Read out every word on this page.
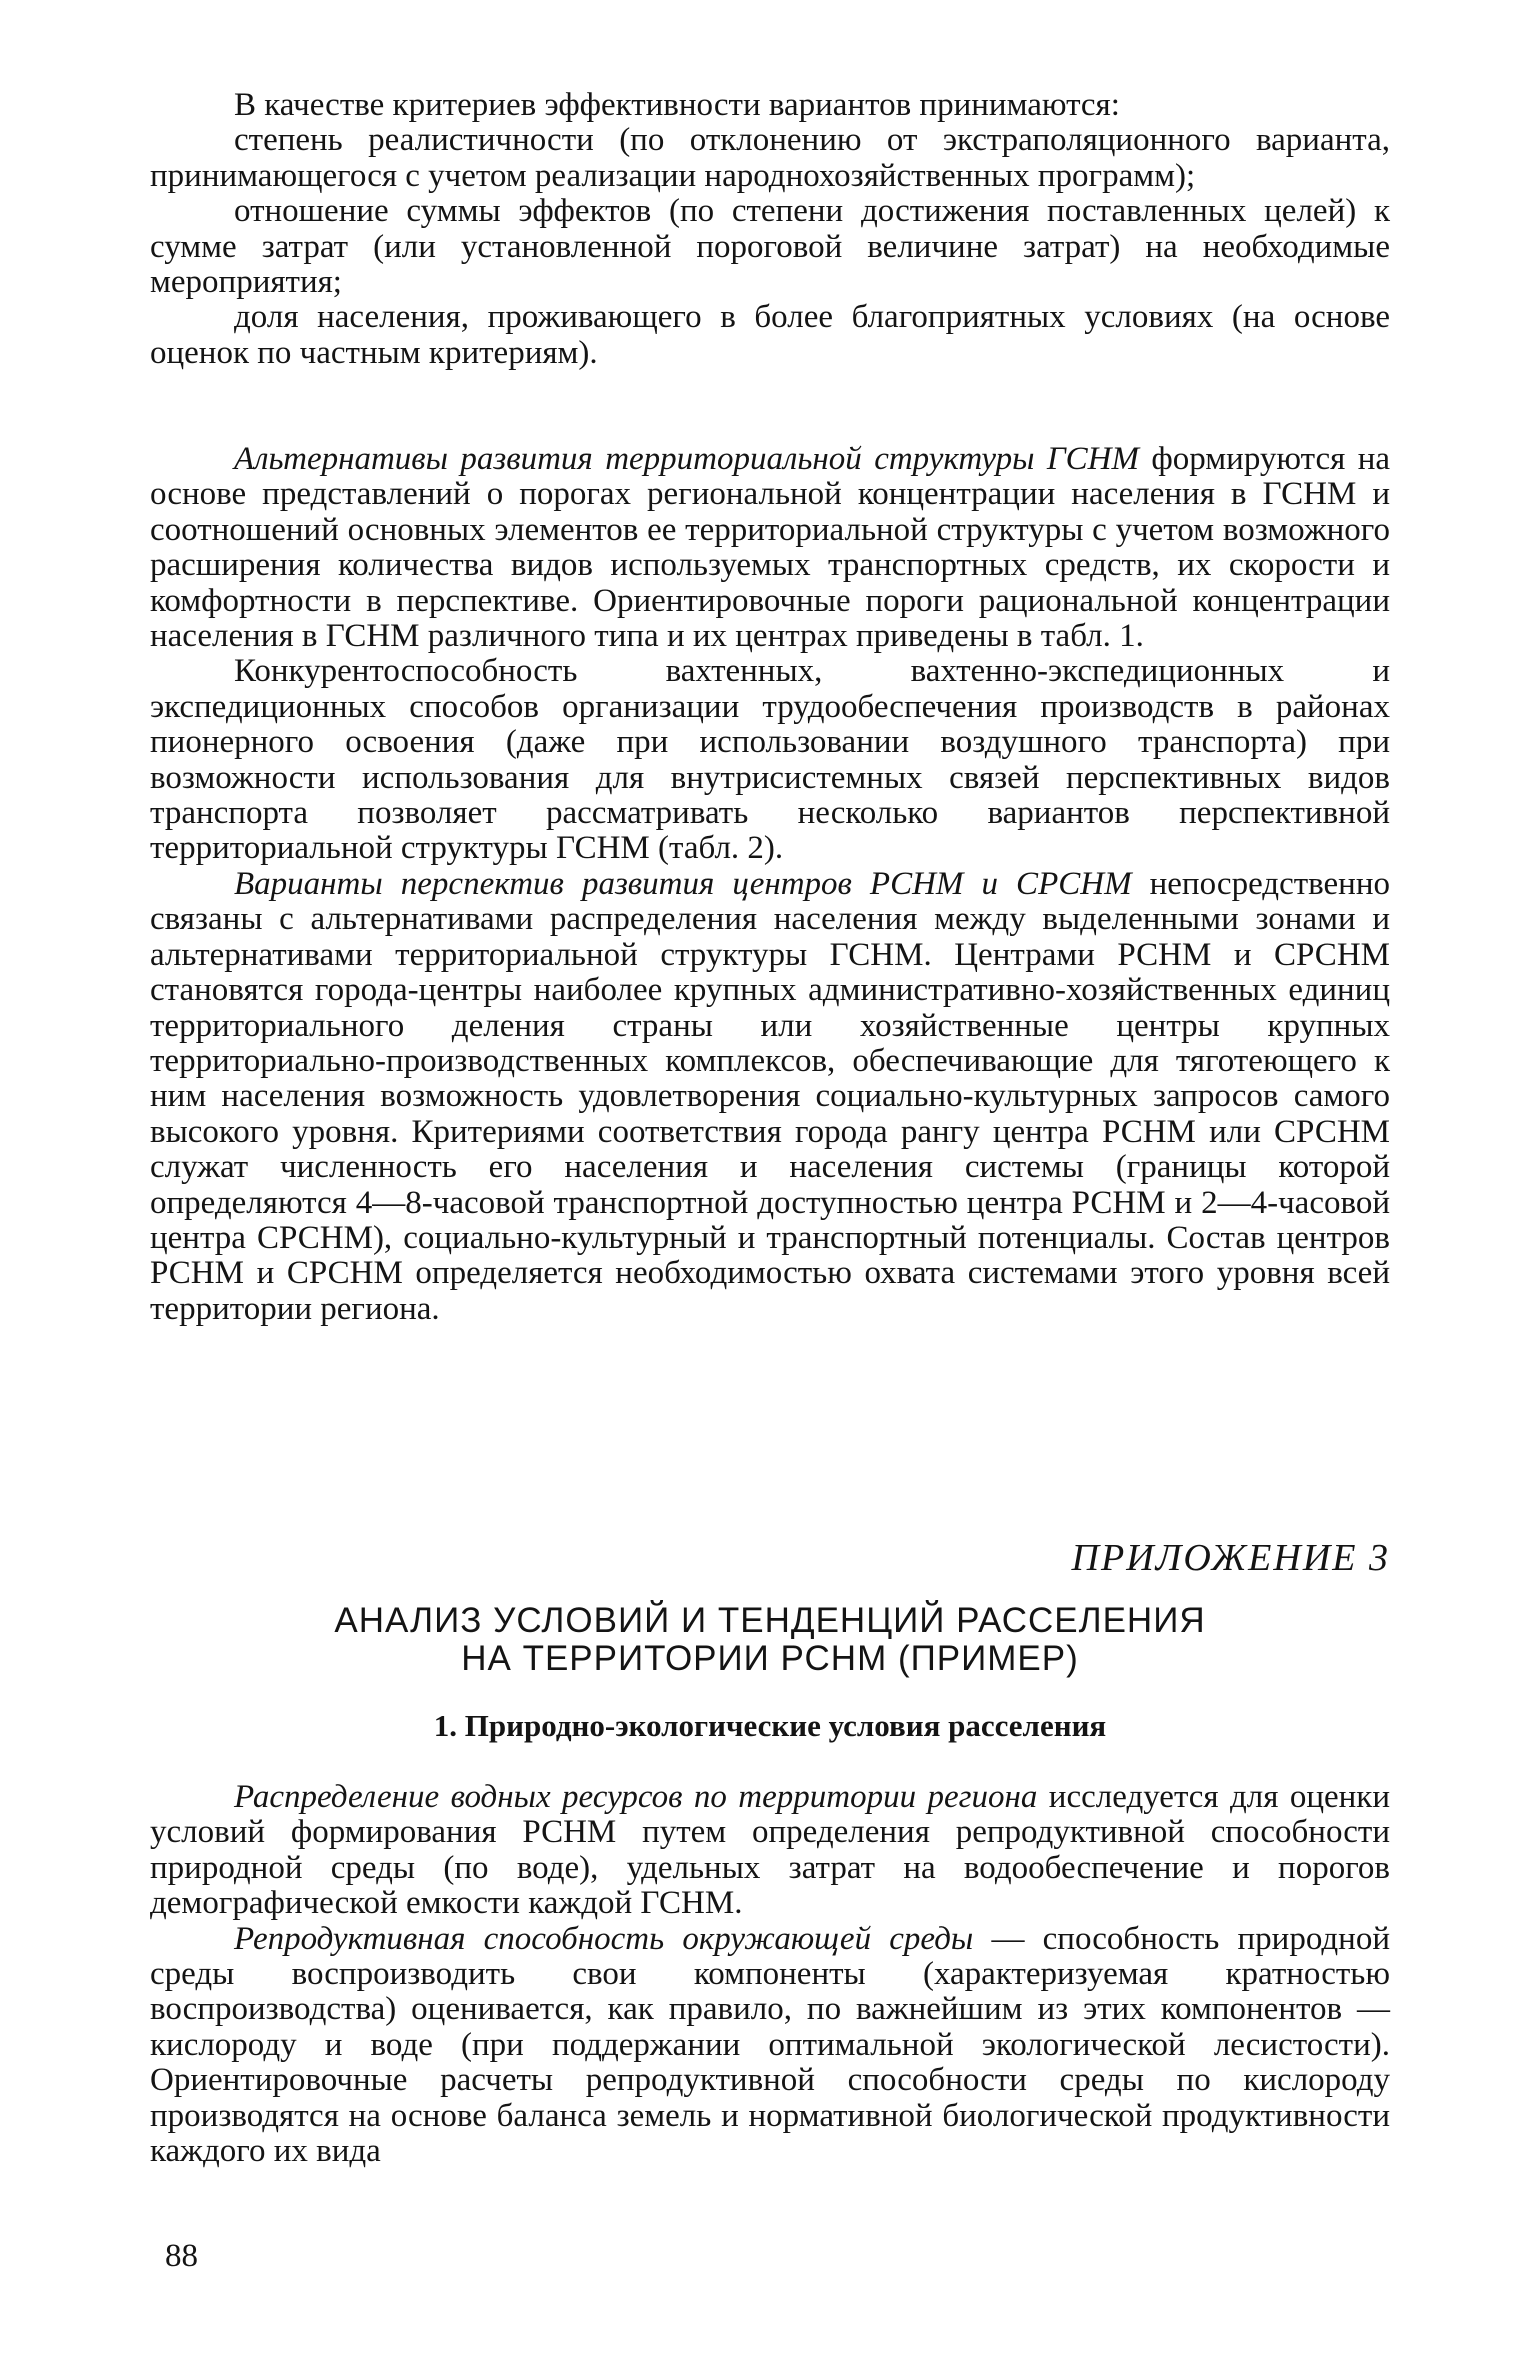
В качестве критериев эффективности вариантов принимаются:

степень реалистичности (по отклонению от экстраполяционного варианта, принимающегося с учетом реализации народнохозяйственных программ);

отношение суммы эффектов (по степени достижения поставленных целей) к сумме затрат (или установленной пороговой величине затрат) на необходимые мероприятия;

доля населения, проживающего в более благоприятных условиях (на основе оценок по частным критериям).

Альтернативы развития территориальной структуры ГСНМ формируются на основе представлений о порогах региональной концентрации населения в ГСНМ и соотношений основных элементов ее территориальной структуры с учетом возможного расширения количества видов используемых транспортных средств, их скорости и комфортности в перспективе. Ориентировочные пороги рациональной концентрации населения в ГСНМ различного типа и их центрах приведены в табл. 1.

Конкурентоспособность вахтенных, вахтенно-экспедиционных и экспедиционных способов организации трудообеспечения производств в районах пионерного освоения (даже при использовании воздушного транспорта) при возможности использования для внутрисистемных связей перспективных видов транспорта позволяет рассматривать несколько вариантов перспективной территориальной структуры ГСНМ (табл. 2).

Варианты перспектив развития центров РСНМ и СРСНМ непосредственно связаны с альтернативами распределения населения между выделенными зонами и альтернативами территориальной структуры ГСНМ. Центрами РСНМ и СРСНМ становятся города-центры наиболее крупных административно-хозяйственных единиц территориального деления страны или хозяйственные центры крупных территориально-производственных комплексов, обеспечивающие для тяготеющего к ним населения возможность удовлетворения социально-культурных запросов самого высокого уровня. Критериями соответствия города рангу центра РСНМ или СРСНМ служат численность его населения и населения системы (границы которой определяются 4—8-часовой транспортной доступностью центра РСНМ и 2—4-часовой центра СРСНМ), социально-культурный и транспортный потенциалы. Состав центров РСНМ и СРСНМ определяется необходимостью охвата системами этого уровня всей территории региона.

ПРИЛОЖЕНИЕ 3
АНАЛИЗ УСЛОВИЙ И ТЕНДЕНЦИЙ РАССЕЛЕНИЯ
НА ТЕРРИТОРИИ РСНМ (ПРИМЕР)
1. Природно-экологические условия расселения

Распределение водных ресурсов по территории региона исследуется для оценки условий формирования РСНМ путем определения репродуктивной способности природной среды (по воде), удельных затрат на водообеспечение и порогов демографической емкости каждой ГСНМ.

Репродуктивная способность окружающей среды — способность природной среды воспроизводить свои компоненты (характеризуемая кратностью воспроизводства) оценивается, как правило, по важнейшим из этих компонентов — кислороду и воде (при поддержании оптимальной экологической лесистости). Ориентировочные расчеты репродуктивной способности среды по кислороду производятся на основе баланса земель и нормативной биологической продуктивности каждого их вида

88
